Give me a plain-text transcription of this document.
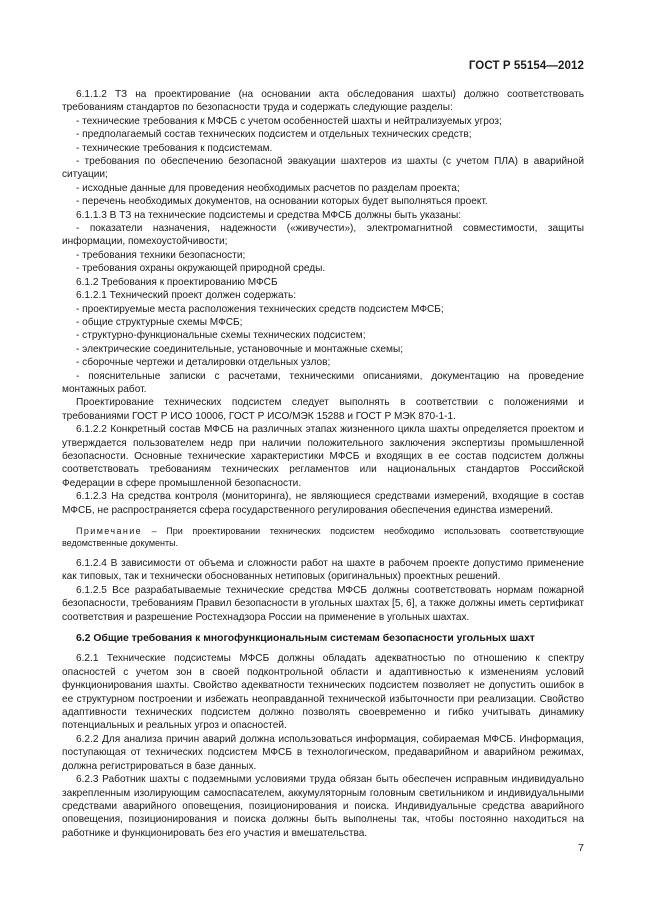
ГОСТ Р 55154—2012

6.1.1.2 ТЗ на проектирование (на основании акта обследования шахты) должно соответствовать требованиям стандартов по безопасности труда и содержать следующие разделы:

- технические требования к МФСБ с учетом особенностей шахты и нейтрализуемых угроз;

- предполагаемый состав технических подсистем и отдельных технических средств;

- технические требования к подсистемам.

- требования по обеспечению безопасной эвакуации шахтеров из шахты (с учетом ПЛА) в аварийной ситуации;

- исходные данные для проведения необходимых расчетов по разделам проекта;

- перечень необходимых документов, на основании которых будет выполняться проект.

6.1.1.3 В ТЗ на технические подсистемы и средства МФСБ должны быть указаны:

- показатели назначения, надежности («живучести»), электромагнитной совместимости, защиты информации, помехоустойчивости;

- требования техники безопасности;

- требования охраны окружающей природной среды.

6.1.2 Требования к проектированию МФСБ

6.1.2.1 Технический проект должен содержать:

- проектируемые места расположения технических средств подсистем МФСБ;

- общие структурные схемы МФСБ;

- структурно-функциональные схемы технических подсистем;

- электрические соединительные, установочные и монтажные схемы;

- сборочные чертежи и деталировки отдельных узлов;

- пояснительные записки с расчетами, техническими описаниями, документацию на проведение монтажных работ.

Проектирование технических подсистем следует выполнять в соответствии с положениями и требованиями ГОСТ Р ИСО 10006, ГОСТ Р ИСО/МЭК 15288 и ГОСТ Р МЭК 870-1-1.

6.1.2.2 Конкретный состав МФСБ на различных этапах жизненного цикла шахты определяется проектом и утверждается пользователем недр при наличии положительного заключения экспертизы промышленной безопасности. Основные технические характеристики МФСБ и входящих в ее состав подсистем должны соответствовать требованиям технических регламентов или национальных стандартов Российской Федерации в сфере промышленной безопасности.

6.1.2.3 На средства контроля (мониторинга), не являющиеся средствами измерений, входящие в состав МФСБ, не распространяется сфера государственного регулирования обеспечения единства измерений.

Примечание – При проектировании технических подсистем необходимо использовать соответствующие ведомственные документы.

6.1.2.4 В зависимости от объема и сложности работ на шахте в рабочем проекте допустимо применение как типовых, так и технически обоснованных нетиповых (оригинальных) проектных решений.

6.1.2.5 Все разрабатываемые технические средства МФСБ должны соответствовать нормам пожарной безопасности, требованиям Правил безопасности в угольных шахтах [5, 6], а также должны иметь сертификат соответствия и разрешение Ростехнадзора России на применение в угольных шахтах.

6.2 Общие требования к многофункциональным системам безопасности угольных шахт

6.2.1 Технические подсистемы МФСБ должны обладать адекватностью по отношению к спектру опасностей с учетом зон в своей подконтрольной области и адаптивностью к изменениям условий функционирования шахты. Свойство адекватности технических подсистем позволяет не допустить ошибок в ее структурном построении и избежать неоправданной технической избыточности при реализации. Свойство адаптивности технических подсистем должно позволять своевременно и гибко учитывать динамику потенциальных и реальных угроз и опасностей.

6.2.2 Для анализа причин аварий должна использоваться информация, собираемая МФСБ. Информация, поступающая от технических подсистем МФСБ в технологическом, предаварийном и аварийном режимах, должна регистрироваться в базе данных.

6.2.3 Работник шахты с подземными условиями труда обязан быть обеспечен исправным индивидуально закрепленным изолирующим самоспасателем, аккумуляторным головным светильником и индивидуальными средствами аварийного оповещения, позиционирования и поиска. Индивидуальные средства аварийного оповещения, позиционирования и поиска должны быть выполнены так, чтобы постоянно находиться на работнике и функционировать без его участия и вмешательства.

7
